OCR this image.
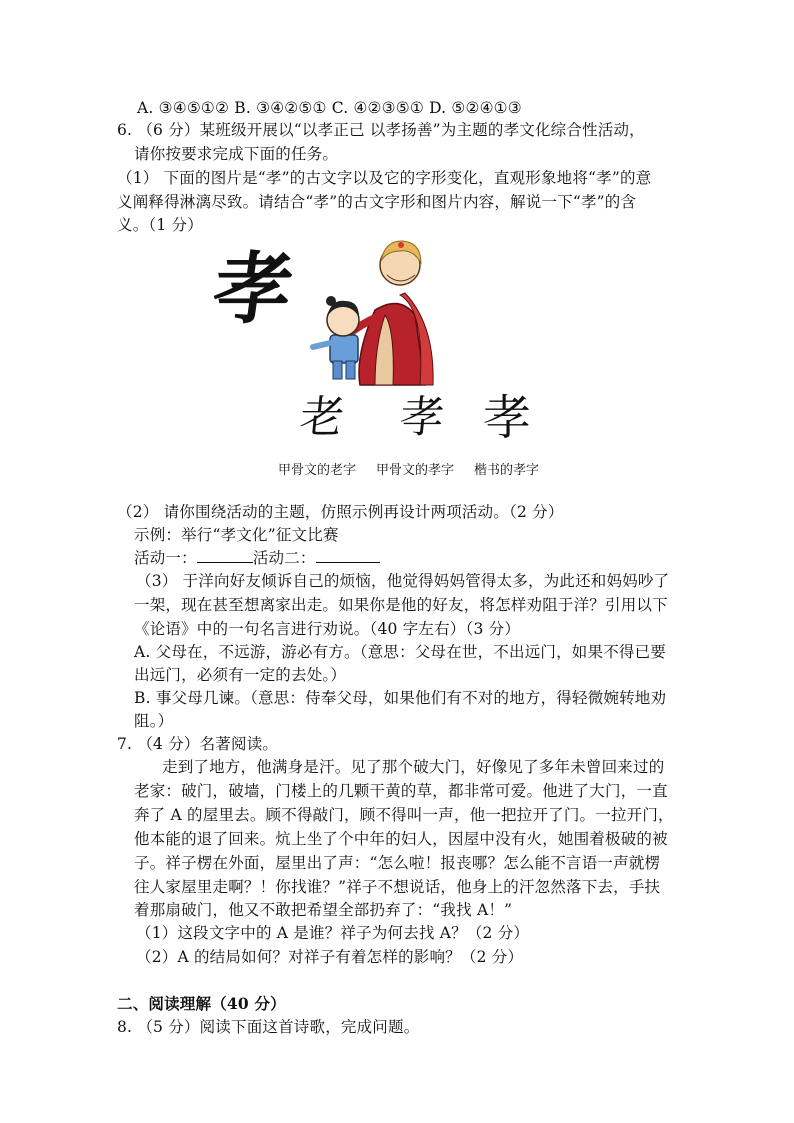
A. ③④⑤①② B. ③④②⑤① C. ④②③⑤① D. ⑤②④①③
6. （6 分）某班级开展以“以孝正己 以孝扬善”为主题的孝文化综合性活动，
请你按要求完成下面的任务。
（1） 下面的图片是“孝”的古文字以及它的字形变化，直观形象地将“孝”的意
义阐释得淋漓尽致。请结合“孝”的古文字形和图片内容，解说一下“孝”的含
义。（1 分）
孝
老 孝 孝
甲骨文的老字 甲骨文的孝字 楷书的孝字
（2） 请你围绕活动的主题，仿照示例再设计两项活动。（2 分）
示例：举行“孝文化”征文比赛
活动一：	活动二：
（3） 于洋向好友倾诉自己的烦恼，他觉得妈妈管得太多，为此还和妈妈吵了
一架，现在甚至想离家出走。如果你是他的好友，将怎样劝阻于洋？引用以下
《论语》中的一句名言进行劝说。（40 字左右）（3 分）
A. 父母在，不远游，游必有方。（意思：父母在世，不出远门，如果不得已要
出远门，必须有一定的去处。）
B. 事父母几谏。（意思：侍奉父母，如果他们有不对的地方，得轻微婉转地劝
阻。）
7. （4 分）名著阅读。
走到了地方，他满身是汗。见了那个破大门，好像见了多年未曾回来过的
老家：破门，破墙，门楼上的几颗干黄的草，都非常可爱。他进了大门，一直
奔了 A 的屋里去。顾不得敲门，顾不得叫一声，他一把拉开了门。一拉开门，
他本能的退了回来。炕上坐了个中年的妇人，因屋中没有火，她围着极破的被
子。祥子楞在外面，屋里出了声：“怎么啦！报丧哪？怎么能不言语一声就楞
往人家屋里走啊？！你找谁？”祥子不想说话，他身上的汗忽然落下去，手扶
着那扇破门，他又不敢把希望全部扔弃了：“我找 A！”
（1）这段文字中的 A 是谁？祥子为何去找 A？（2 分）
（2）A 的结局如何？对祥子有着怎样的影响？（2 分）
二、阅读理解（40 分）
8. （5 分）阅读下面这首诗歌，完成问题。
